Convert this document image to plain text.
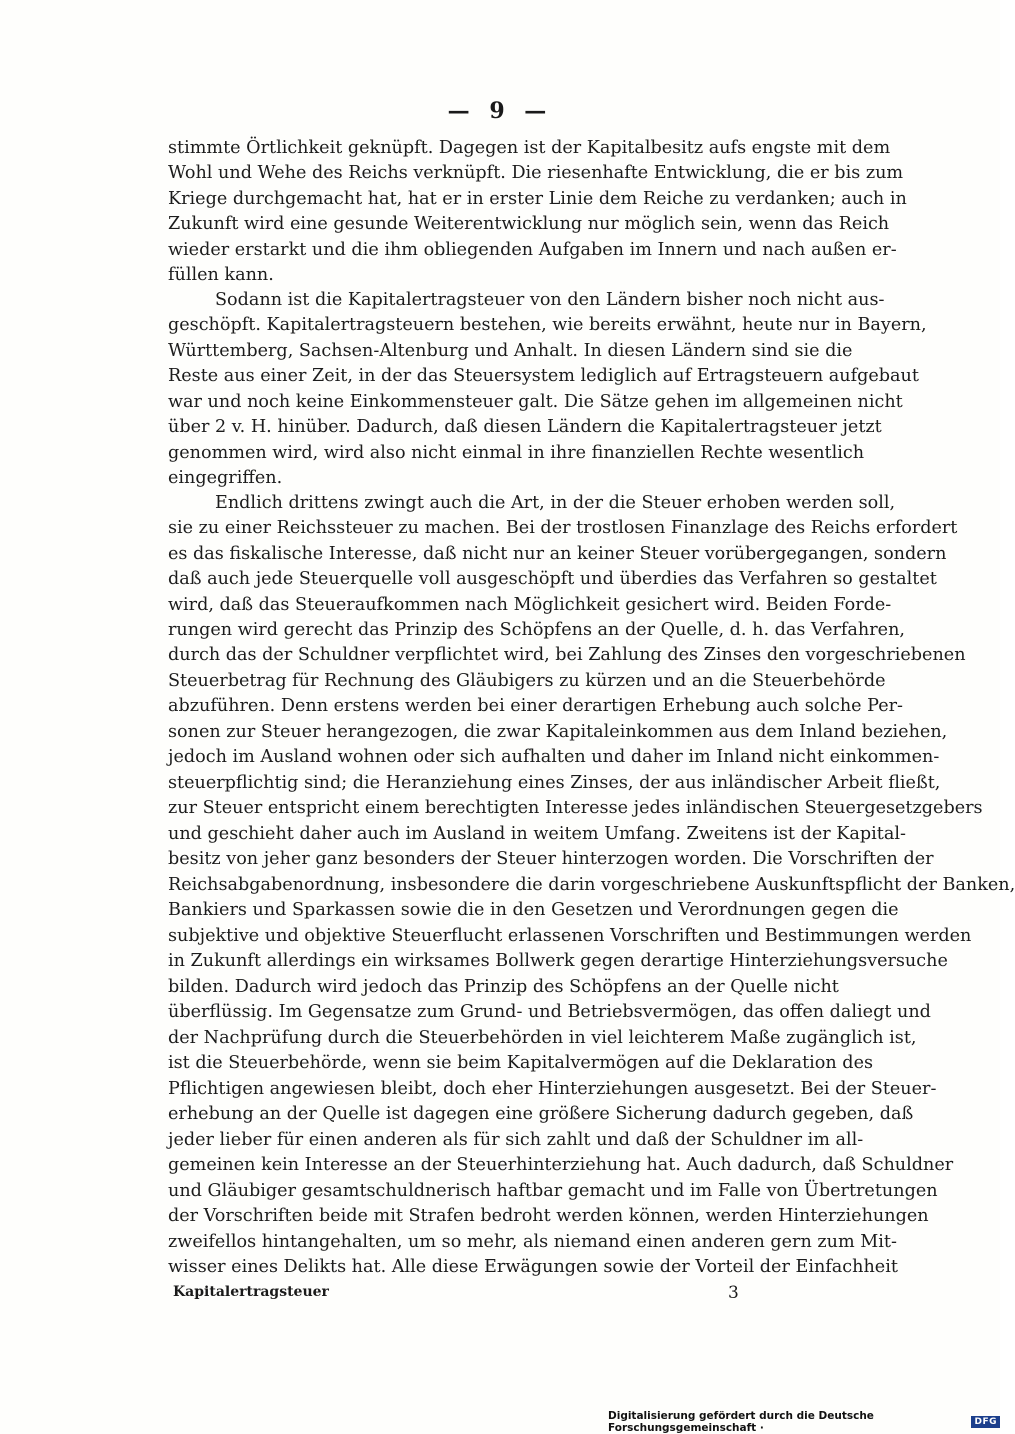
— 9 —
stimmte Örtlichkeit geknüpft. Dagegen ist der Kapitalbesitz aufs engste mit dem
Wohl und Wehe des Reichs verknüpft. Die riesenhafte Entwicklung, die er bis zum
Kriege durchgemacht hat, hat er in erster Linie dem Reiche zu verdanken; auch in
Zukunft wird eine gesunde Weiterentwicklung nur möglich sein, wenn das Reich
wieder erstarkt und die ihm obliegenden Aufgaben im Innern und nach außen er-
füllen kann.
Sodann ist die Kapitalertragsteuer von den Ländern bisher noch nicht aus-
geschöpft. Kapitalertragsteuern bestehen, wie bereits erwähnt, heute nur in Bayern,
Württemberg, Sachsen-Altenburg und Anhalt. In diesen Ländern sind sie die
Reste aus einer Zeit, in der das Steuersystem lediglich auf Ertragsteuern aufgebaut
war und noch keine Einkommensteuer galt. Die Sätze gehen im allgemeinen nicht
über 2 v. H. hinüber. Dadurch, daß diesen Ländern die Kapitalertragsteuer jetzt
genommen wird, wird also nicht einmal in ihre finanziellen Rechte wesentlich
eingegriffen.
Endlich drittens zwingt auch die Art, in der die Steuer erhoben werden soll,
sie zu einer Reichssteuer zu machen. Bei der trostlosen Finanzlage des Reichs erfordert
es das fiskalische Interesse, daß nicht nur an keiner Steuer vorübergegangen, sondern
daß auch jede Steuerquelle voll ausgeschöpft und überdies das Verfahren so gestaltet
wird, daß das Steueraufkommen nach Möglichkeit gesichert wird. Beiden Forde-
rungen wird gerecht das Prinzip des Schöpfens an der Quelle, d. h. das Verfahren,
durch das der Schuldner verpflichtet wird, bei Zahlung des Zinses den vorgeschriebenen
Steuerbetrag für Rechnung des Gläubigers zu kürzen und an die Steuerbehörde
abzuführen. Denn erstens werden bei einer derartigen Erhebung auch solche Per-
sonen zur Steuer herangezogen, die zwar Kapitaleinkommen aus dem Inland beziehen,
jedoch im Ausland wohnen oder sich aufhalten und daher im Inland nicht einkommen-
steuerpflichtig sind; die Heranziehung eines Zinses, der aus inländischer Arbeit fließt,
zur Steuer entspricht einem berechtigten Interesse jedes inländischen Steuergesetzgebers
und geschieht daher auch im Ausland in weitem Umfang. Zweitens ist der Kapital-
besitz von jeher ganz besonders der Steuer hinterzogen worden. Die Vorschriften der
Reichsabgabenordnung, insbesondere die darin vorgeschriebene Auskunftspflicht der Banken,
Bankiers und Sparkassen sowie die in den Gesetzen und Verordnungen gegen die
subjektive und objektive Steuerflucht erlassenen Vorschriften und Bestimmungen werden
in Zukunft allerdings ein wirksames Bollwerk gegen derartige Hinterziehungsversuche
bilden. Dadurch wird jedoch das Prinzip des Schöpfens an der Quelle nicht
überflüssig. Im Gegensatze zum Grund- und Betriebsvermögen, das offen daliegt und
der Nachprüfung durch die Steuerbehörden in viel leichterem Maße zugänglich ist,
ist die Steuerbehörde, wenn sie beim Kapitalvermögen auf die Deklaration des
Pflichtigen angewiesen bleibt, doch eher Hinterziehungen ausgesetzt. Bei der Steuer-
erhebung an der Quelle ist dagegen eine größere Sicherung dadurch gegeben, daß
jeder lieber für einen anderen als für sich zahlt und daß der Schuldner im all-
gemeinen kein Interesse an der Steuerhinterziehung hat. Auch dadurch, daß Schuldner
und Gläubiger gesamtschuldnerisch haftbar gemacht und im Falle von Übertretungen
der Vorschriften beide mit Strafen bedroht werden können, werden Hinterziehungen
zweifellos hintangehalten, um so mehr, als niemand einen anderen gern zum Mit-
wisser eines Delikts hat. Alle diese Erwägungen sowie der Vorteil der Einfachheit
Kapitalertragsteuer	3
Digitalisierung gefördert durch die Deutsche Forschungsgemeinschaft ·	DFG
